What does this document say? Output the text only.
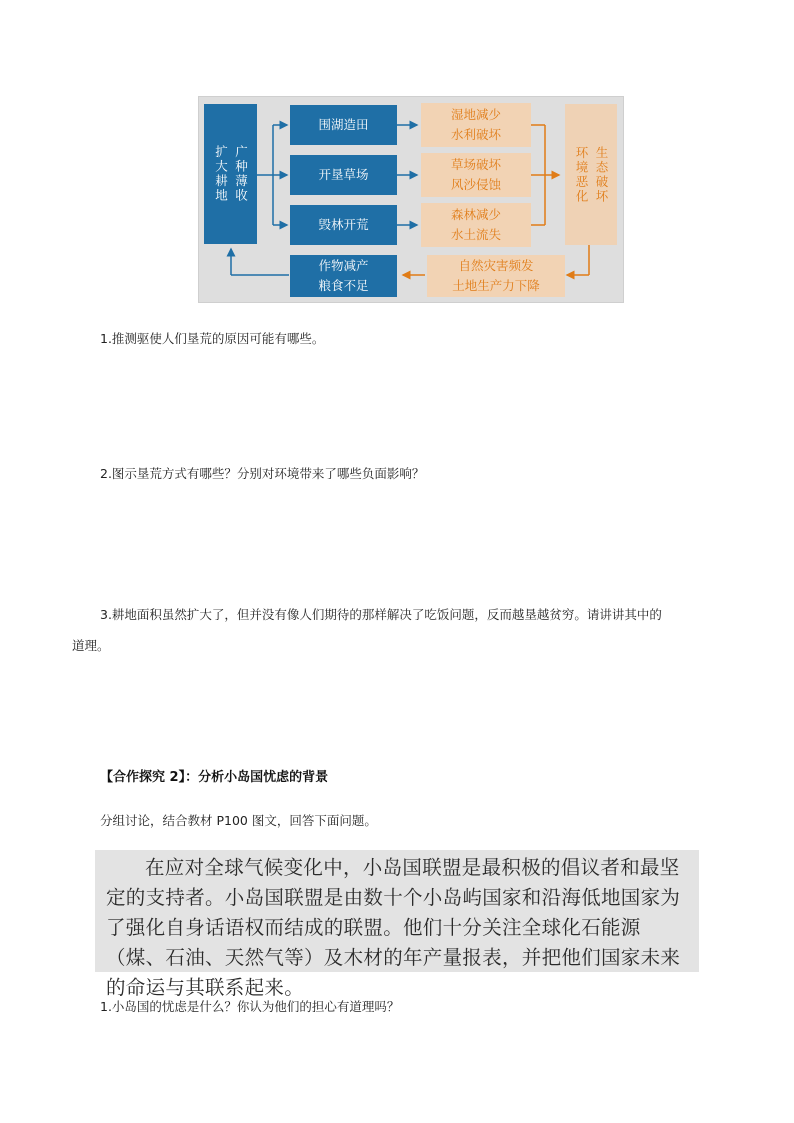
广种薄收
扩大耕地
围湖造田
开垦草场
毁林开荒
湿地减少
水利破坏
草场破坏
风沙侵蚀
森林减少
水土流失
生态破坏
环境恶化
自然灾害频发
土地生产力下降
作物减产
粮食不足
1.推测驱使人们垦荒的原因可能有哪些。
2.图示垦荒方式有哪些？分别对环境带来了哪些负面影响？
3.耕地面积虽然扩大了，但并没有像人们期待的那样解决了吃饭问题，反而越垦越贫穷。请讲讲其中的
道理。
【合作探究 2】：分析小岛国忧虑的背景
分组讨论，结合教材 P100 图文，回答下面问题。
在应对全球气候变化中，小岛国联盟是最积极的倡议者和最坚定的支持者。小岛国联盟是由数十个小岛屿国家和沿海低地国家为了强化自身话语权而结成的联盟。他们十分关注全球化石能源（煤、石油、天然气等）及木材的年产量报表，并把他们国家未来的命运与其联系起来。
1.小岛国的忧虑是什么？你认为他们的担心有道理吗？
